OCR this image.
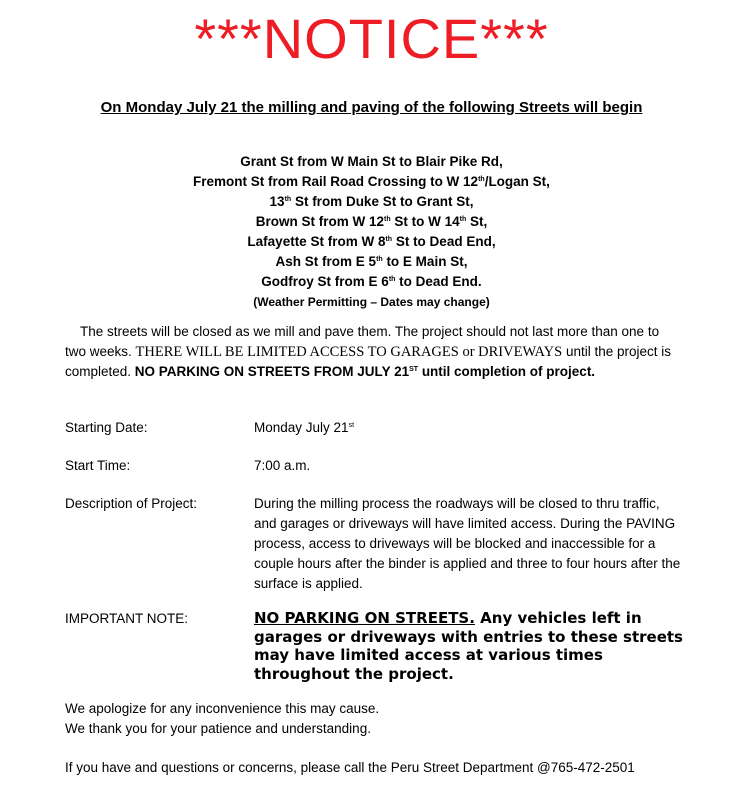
***NOTICE***
On Monday July 21 the milling and paving of the following Streets will begin
Grant St from W Main St to Blair Pike Rd,
Fremont St from Rail Road Crossing to W 12th/Logan St,
13th St from Duke St to Grant St,
Brown St from W 12th St to W 14th St,
Lafayette St from W 8th St to Dead End,
Ash St from E 5th to E Main St,
Godfroy St from E 6th to Dead End.
(Weather Permitting – Dates may change)
The streets will be closed as we mill and pave them. The project should not last more than one to two weeks. THERE WILL BE LIMITED ACCESS TO GARAGES or DRIVEWAYS until the project is completed. NO PARKING ON STREETS FROM JULY 21ST until completion of project.
Starting Date:	Monday July 21st
Start Time:	7:00 a.m.
Description of Project:	During the milling process the roadways will be closed to thru traffic, and garages or driveways will have limited access. During the PAVING process, access to driveways will be blocked and inaccessible for a couple hours after the binder is applied and three to four hours after the surface is applied.
IMPORTANT NOTE:	NO PARKING ON STREETS. Any vehicles left in garages or driveways with entries to these streets may have limited access at various times throughout the project.
We apologize for any inconvenience this may cause.
We thank you for your patience and understanding.
If you have and questions or concerns, please call the Peru Street Department @765-472-2501
